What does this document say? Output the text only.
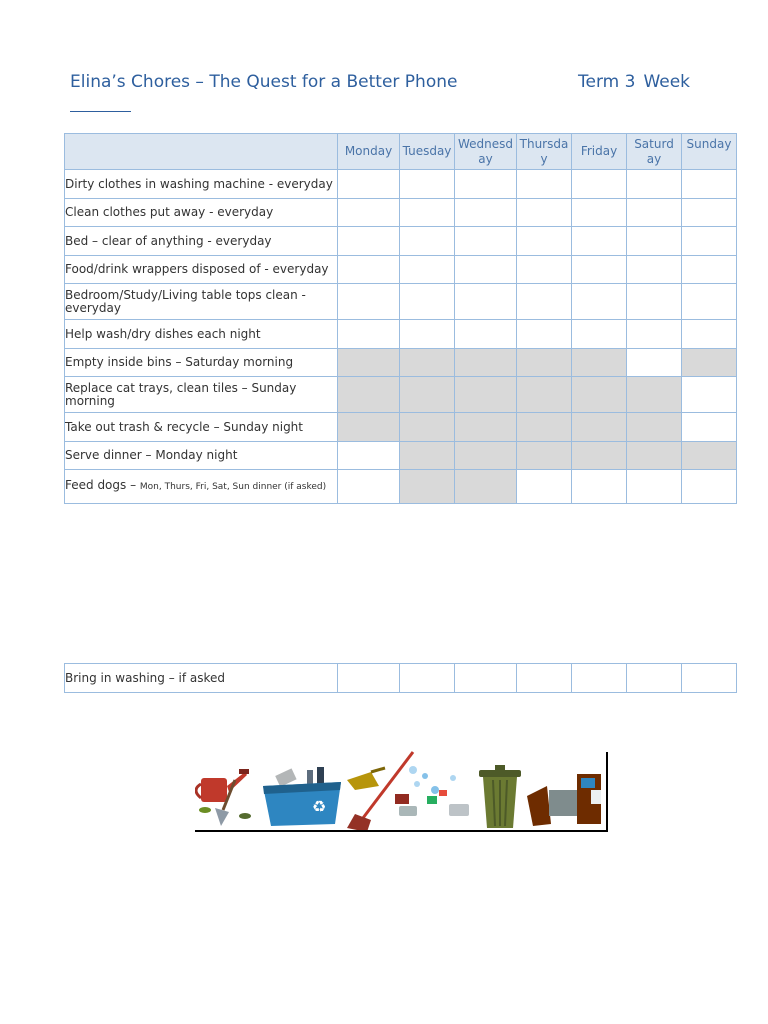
Elina’s Chores – The Quest for a Better Phone	Term 3 Week
	Monday	Tuesday	Wednesd ay	Thursda y	Friday	Saturd ay	Sunday
Dirty clothes in washing machine - everyday							
Clean clothes put away - everyday							
Bed – clear of anything - everyday							
Food/drink wrappers disposed of - everyday							
Bedroom/Study/Living table tops clean - everyday							
Help wash/dry dishes each night							
Empty inside bins – Saturday morning							
Replace cat trays, clean tiles – Sunday morning							
Take out trash & recycle – Sunday night							
Serve dinner – Monday night							
Feed dogs – Mon, Thurs, Fri, Sat, Sun dinner (if asked)							
Bring in washing – if asked							
♻
